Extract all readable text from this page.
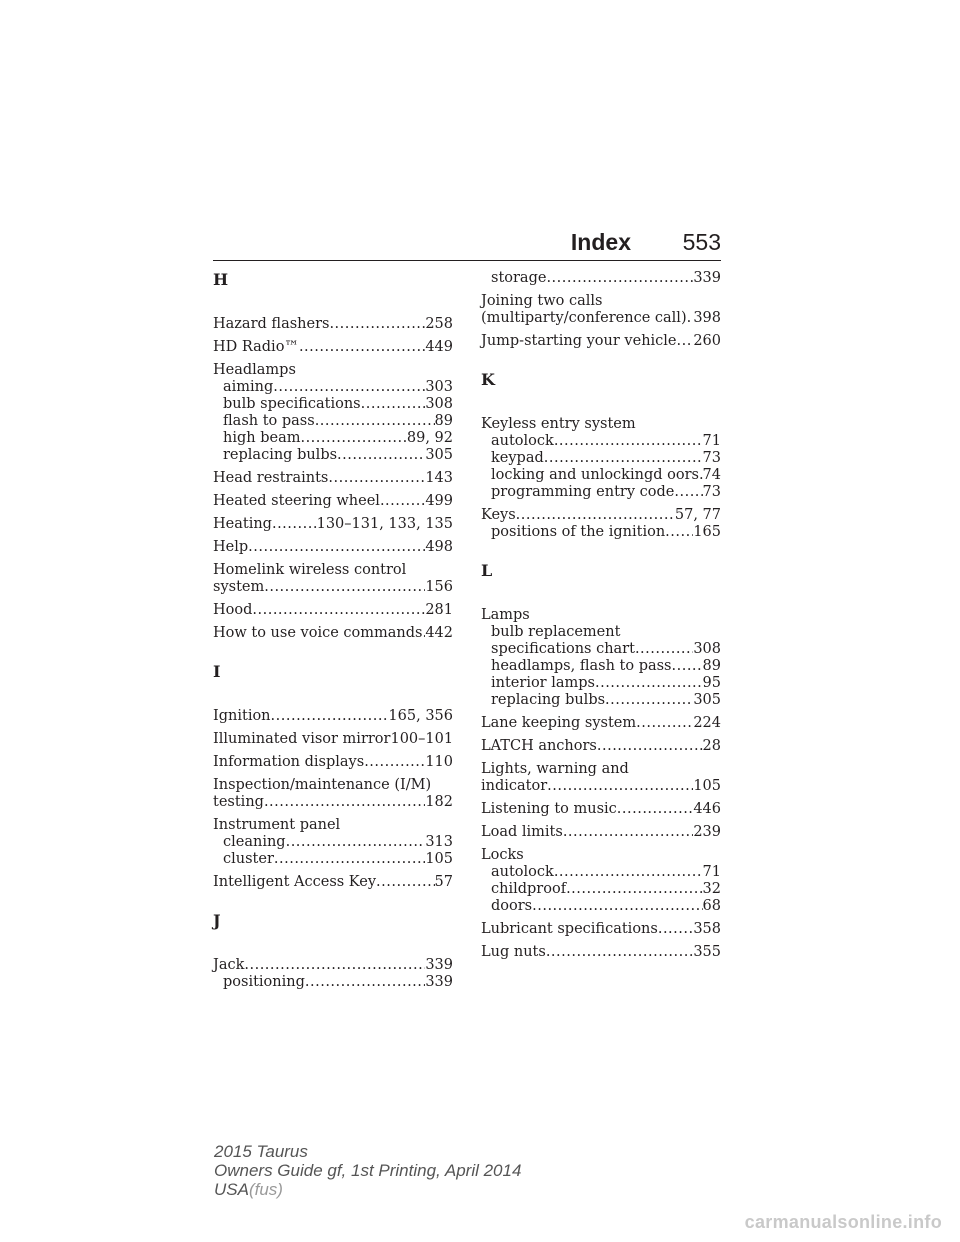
Index 553
H
Hazard flashers .....	258
HD Radio™ .....	449
Headlamps
aiming .....	303
bulb specifications .....	308
flash to pass .....	89
high beam .....	89, 92
replacing bulbs .....	305
Head restraints .....	143
Heated steering wheel .....	499
Heating .....	130–131, 133, 135
Help .....	498
Homelink wireless control
system .....	156
Hood .....	281
How to use voice commands ..... 442
I
Ignition .....	165, 356
Illuminated visor mirror 100–101
Information displays .....	110
Inspection/maintenance (I/M)
testing .....	182
Instrument panel
cleaning .....	313
cluster .....	105
Intelligent Access Key .....	57
J
Jack .....	339
positioning .....	339
storage .....	339
Joining two calls
(multiparty/conference call) ..... 398
Jump-starting your vehicle ..... 260
K
Keyless entry system
autolock .....	71
keypad .....	73
locking and unlockingd oors ..... 74
programming entry code ..... 73
Keys .....	57, 77
positions of the ignition ..... 165
L
Lamps
bulb replacement
specifications chart .....	308
headlamps, flash to pass ..... 89
interior lamps .....	95
replacing bulbs .....	305
Lane keeping system .....	224
LATCH anchors .....	28
Lights, warning and
indicator .....	105
Listening to music .....	446
Load limits .....	239
Locks
autolock .....	71
childproof .....	32
doors .....	68
Lubricant specifications ..... 358
Lug nuts .....	355
2015 Taurus
Owners Guide gf, 1st Printing, April 2014
USA(fus)
carmanualsonline.info
